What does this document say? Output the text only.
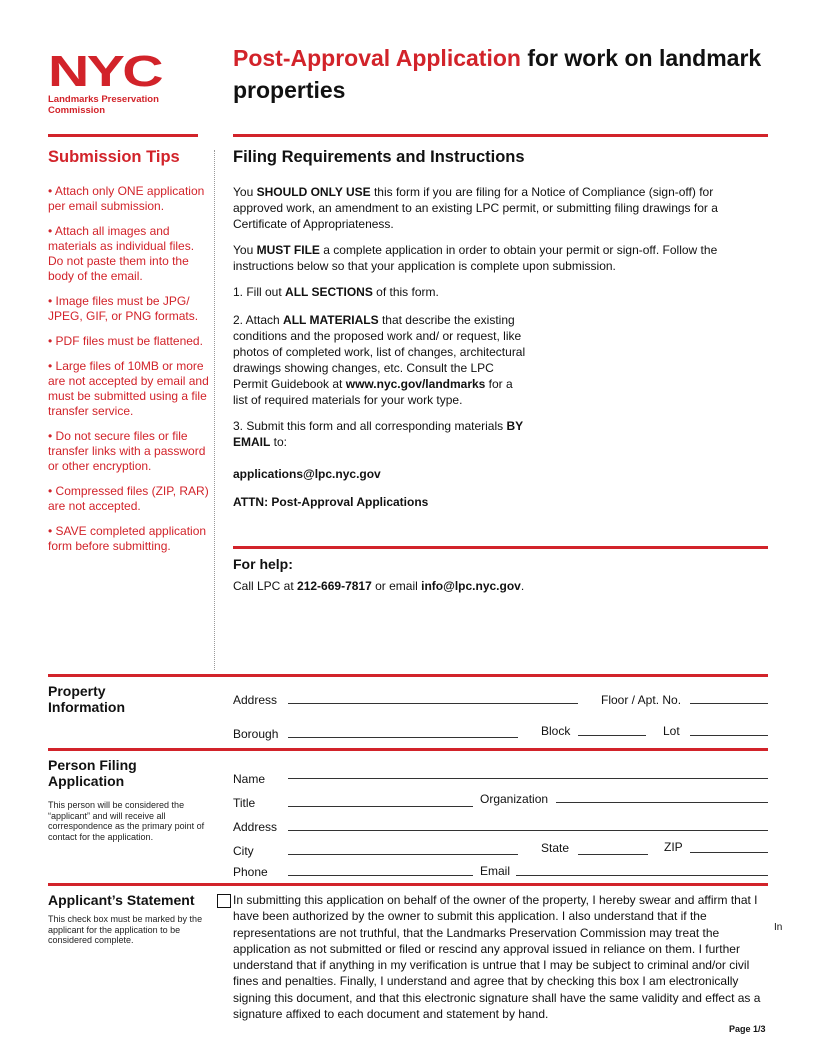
NYC
Landmarks Preservation
Commission
Post-Approval Application for work on landmark properties
Submission Tips

• Attach only ONE application per email submission.

• Attach all images and materials as individual files. Do not paste them into the body of the email.

• Image files must be JPG/ JPEG, GIF, or PNG formats.

• PDF files must be flattened.

• Large files of 10MB or more are not accepted by email and must be submitted using a file transfer service.

• Do not secure files or file transfer links with a password or other encryption.

• Compressed files (ZIP, RAR) are not accepted.

• SAVE completed application form before submitting.

Filing Requirements and Instructions

You SHOULD ONLY USE this form if you are filing for a Notice of Compliance (sign-off) for approved work, an amendment to an existing LPC permit, or submitting filing drawings for a Certificate of Appropriateness.

You MUST FILE a complete application in order to obtain your permit or sign-off. Follow the instructions below so that your application is complete upon submission.

1. Fill out ALL SECTIONS of this form.

2. Attach ALL MATERIALS that describe the existing conditions and the proposed work and/ or request, like photos of completed work, list of changes, architectural drawings showing changes, etc. Consult the LPC Permit Guidebook at www.nyc.gov/landmarks for a list of required materials for your work type.

3. Submit this form and all corresponding materials BY EMAIL to:

applications@lpc.nyc.gov

ATTN: Post-Approval Applications

For help:
Call LPC at 212-669-7817 or email info@lpc.nyc.gov.
Property Information	Address	Floor / Apt. No.
Borough	Block	Lot
Person Filing Application
This person will be considered the “applicant” and will receive all correspondence as the primary point of contact for the application.
Name
Title	Organization
Address
City	State	ZIP
Phone	Email
Applicant’s Statement
This check box must be marked by the applicant for the application to be considered complete.
In submitting this application on behalf of the owner of the property, I hereby swear and affirm that I have been authorized by the owner to submit this application. I also understand that if the representations are not truthful, that the Landmarks Preservation Commission may treat the application as not submitted or filed or rescind any approval issued in reliance on them. I further understand that if anything in my verification is untrue that I may be subject to criminal and/or civil fines and penalties. Finally, I understand and agree that by checking this box I am electronically signing this document, and that this electronic signature shall have the same validity and effect as a signature affixed to each document and statement by hand.
In
Page 1/3
